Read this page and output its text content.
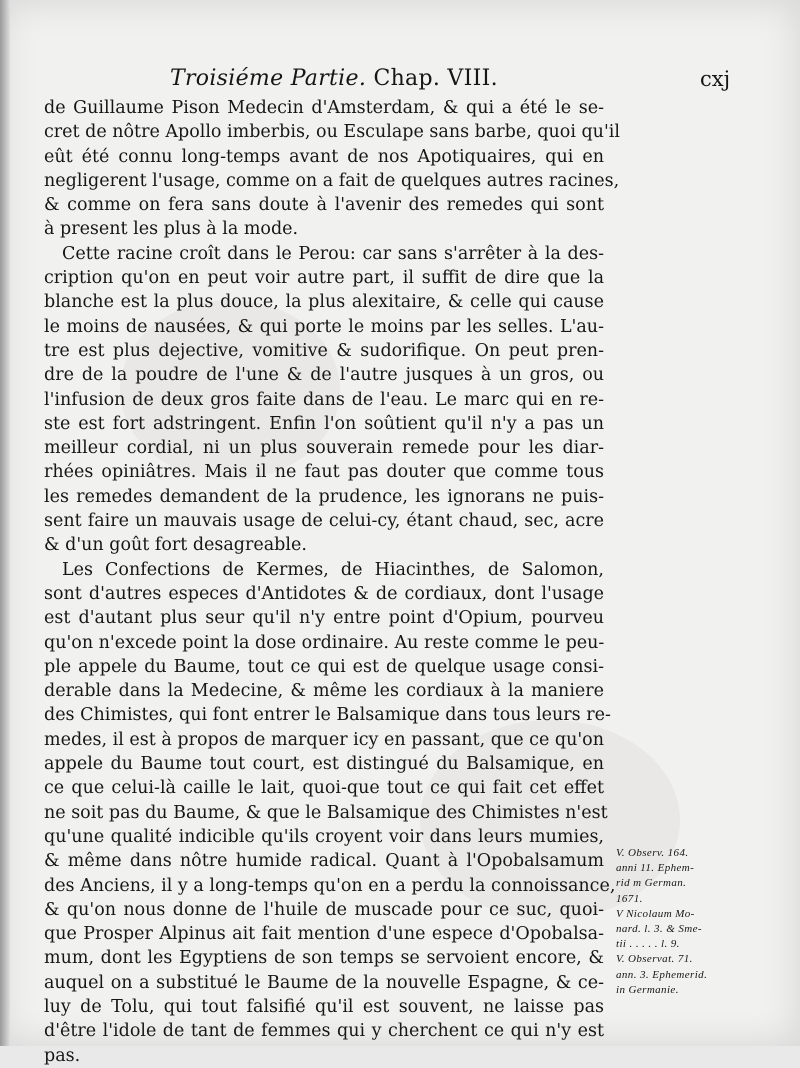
Troisiéme Partie. Chap. VIII.	cxj
de Guillaume Pison Medecin d'Amsterdam, & qui a été le se-
cret de nôtre Apollo imberbis, ou Esculape sans barbe, quoi qu'il
eût été connu long-temps avant de nos Apotiquaires, qui en
negligerent l'usage, comme on a fait de quelques autres racines,
& comme on fera sans doute à l'avenir des remedes qui sont
à present les plus à la mode.
Cette racine croît dans le Perou: car sans s'arrêter à la des-
cription qu'on en peut voir autre part, il suffit de dire que la
blanche est la plus douce, la plus alexitaire, & celle qui cause
le moins de nausées, & qui porte le moins par les selles. L'au-
tre est plus dejective, vomitive & sudorifique. On peut pren-
dre de la poudre de l'une & de l'autre jusques à un gros, ou
l'infusion de deux gros faite dans de l'eau. Le marc qui en re-
ste est fort adstringent. Enfin l'on soûtient qu'il n'y a pas un
meilleur cordial, ni un plus souverain remede pour les diar-
rhées opiniâtres. Mais il ne faut pas douter que comme tous
les remedes demandent de la prudence, les ignorans ne puis-
sent faire un mauvais usage de celui-cy, étant chaud, sec, acre
& d'un goût fort desagreable.
Les Confections de Kermes, de Hiacinthes, de Salomon,
sont d'autres especes d'Antidotes & de cordiaux, dont l'usage
est d'autant plus seur qu'il n'y entre point d'Opium, pourveu
qu'on n'excede point la dose ordinaire. Au reste comme le peu-
ple appele du Baume, tout ce qui est de quelque usage consi-
derable dans la Medecine, & même les cordiaux à la maniere
des Chimistes, qui font entrer le Balsamique dans tous leurs re-
medes, il est à propos de marquer icy en passant, que ce qu'on
appele du Baume tout court, est distingué du Balsamique, en
ce que celui-là caille le lait, quoi-que tout ce qui fait cet effet
ne soit pas du Baume, & que le Balsamique des Chimistes n'est
qu'une qualité indicible qu'ils croyent voir dans leurs mumies,
& même dans nôtre humide radical. Quant à l'Opobalsamum
des Anciens, il y a long-temps qu'on en a perdu la connoissance,
& qu'on nous donne de l'huile de muscade pour ce suc, quoi-
que Prosper Alpinus ait fait mention d'une espece d'Opobalsa-
mum, dont les Egyptiens de son temps se servoient encore, &
auquel on a substitué le Baume de la nouvelle Espagne, & ce-
luy de Tolu, qui tout falsifié qu'il est souvent, ne laisse pas
d'être l'idole de tant de femmes qui y cherchent ce qui n'y est
pas.
V. Observ. 164.
anni 11. Ephem-
rid m German.
1671.
V Nicolaum Mo-
nard. l. 3. & Sme-
tii . . . . . l. 9.
V. Observat. 71.
ann. 3. Ephemerid.
in Germanie.
